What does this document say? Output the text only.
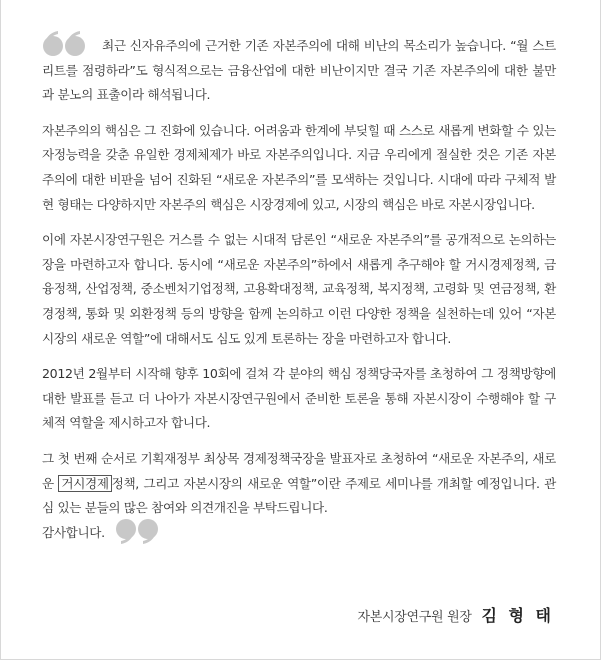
최근 신자유주의에 근거한 기존 자본주의에 대해 비난의 목소리가 높습니다. “월 스트리트를 점령하라”도 형식적으로는 금융산업에 대한 비난이지만 결국 기존 자본주의에 대한 불만과 분노의 표출이라 해석됩니다.

자본주의의 핵심은 그 진화에 있습니다. 어려움과 한계에 부딪힐 때 스스로 새롭게 변화할 수 있는 자정능력을 갖춘 유일한 경제체제가 바로 자본주의입니다. 지금 우리에게 절실한 것은 기존 자본주의에 대한 비판을 넘어 진화된 “새로운 자본주의”를 모색하는 것입니다. 시대에 따라 구체적 발현 형태는 다양하지만 자본주의 핵심은 시장경제에 있고, 시장의 핵심은 바로 자본시장입니다.

이에 자본시장연구원은 거스를 수 없는 시대적 담론인 “새로운 자본주의”를 공개적으로 논의하는 장을 마련하고자 합니다. 동시에 “새로운 자본주의”하에서 새롭게 추구해야 할 거시경제정책, 금융정책, 산업정책, 중소벤처기업정책, 고용확대정책, 교육정책, 복지정책, 고령화 및 연금정책, 환경정책, 통화 및 외환정책 등의 방향을 함께 논의하고 이런 다양한 정책을 실천하는데 있어 “자본시장의 새로운 역할”에 대해서도 심도 있게 토론하는 장을 마련하고자 합니다.

2012년 2월부터 시작해 향후 10회에 걸쳐 각 분야의 핵심 정책당국자를 초청하여 그 정책방향에 대한 발표를 듣고 더 나아가 자본시장연구원에서 준비한 토론을 통해 자본시장이 수행해야 할 구체적 역할을 제시하고자 합니다.

그 첫 번째 순서로 기획재정부 최상목 경제정책국장을 발표자로 초청하여 “새로운 자본주의, 새로운 거시경제 정책, 그리고 자본시장의 새로운 역할”이란 주제로 세미나를 개최할 예정입니다. 관심 있는 분들의 많은 참여와 의견개진을 부탁드립니다.

감사합니다.

자본시장연구원 원장 김 형 태
